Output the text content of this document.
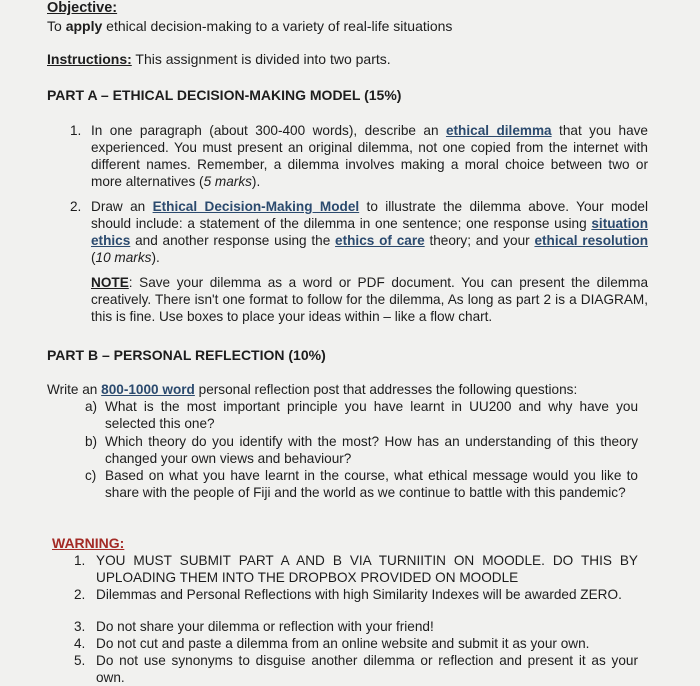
Objective:
To apply ethical decision-making to a variety of real-life situations
Instructions: This assignment is divided into two parts.
PART A – ETHICAL DECISION-MAKING MODEL (15%)
1. In one paragraph (about 300-400 words), describe an ethical dilemma that you have experienced. You must present an original dilemma, not one copied from the internet with different names. Remember, a dilemma involves making a moral choice between two or more alternatives (5 marks).
2. Draw an Ethical Decision-Making Model to illustrate the dilemma above. Your model should include: a statement of the dilemma in one sentence; one response using situation ethics and another response using the ethics of care theory; and your ethical resolution (10 marks).
NOTE: Save your dilemma as a word or PDF document. You can present the dilemma creatively. There isn't one format to follow for the dilemma, As long as part 2 is a DIAGRAM, this is fine. Use boxes to place your ideas within – like a flow chart.
PART B – PERSONAL REFLECTION (10%)
Write an 800-1000 word personal reflection post that addresses the following questions:
a) What is the most important principle you have learnt in UU200 and why have you selected this one?
b) Which theory do you identify with the most? How has an understanding of this theory changed your own views and behaviour?
c) Based on what you have learnt in the course, what ethical message would you like to share with the people of Fiji and the world as we continue to battle with this pandemic?
WARNING:
1. YOU MUST SUBMIT PART A AND B VIA TURNIITIN ON MOODLE. DO THIS BY UPLOADING THEM INTO THE DROPBOX PROVIDED ON MOODLE
2. Dilemmas and Personal Reflections with high Similarity Indexes will be awarded ZERO.
3. Do not share your dilemma or reflection with your friend!
4. Do not cut and paste a dilemma from an online website and submit it as your own.
5. Do not use synonyms to disguise another dilemma or reflection and present it as your own.
